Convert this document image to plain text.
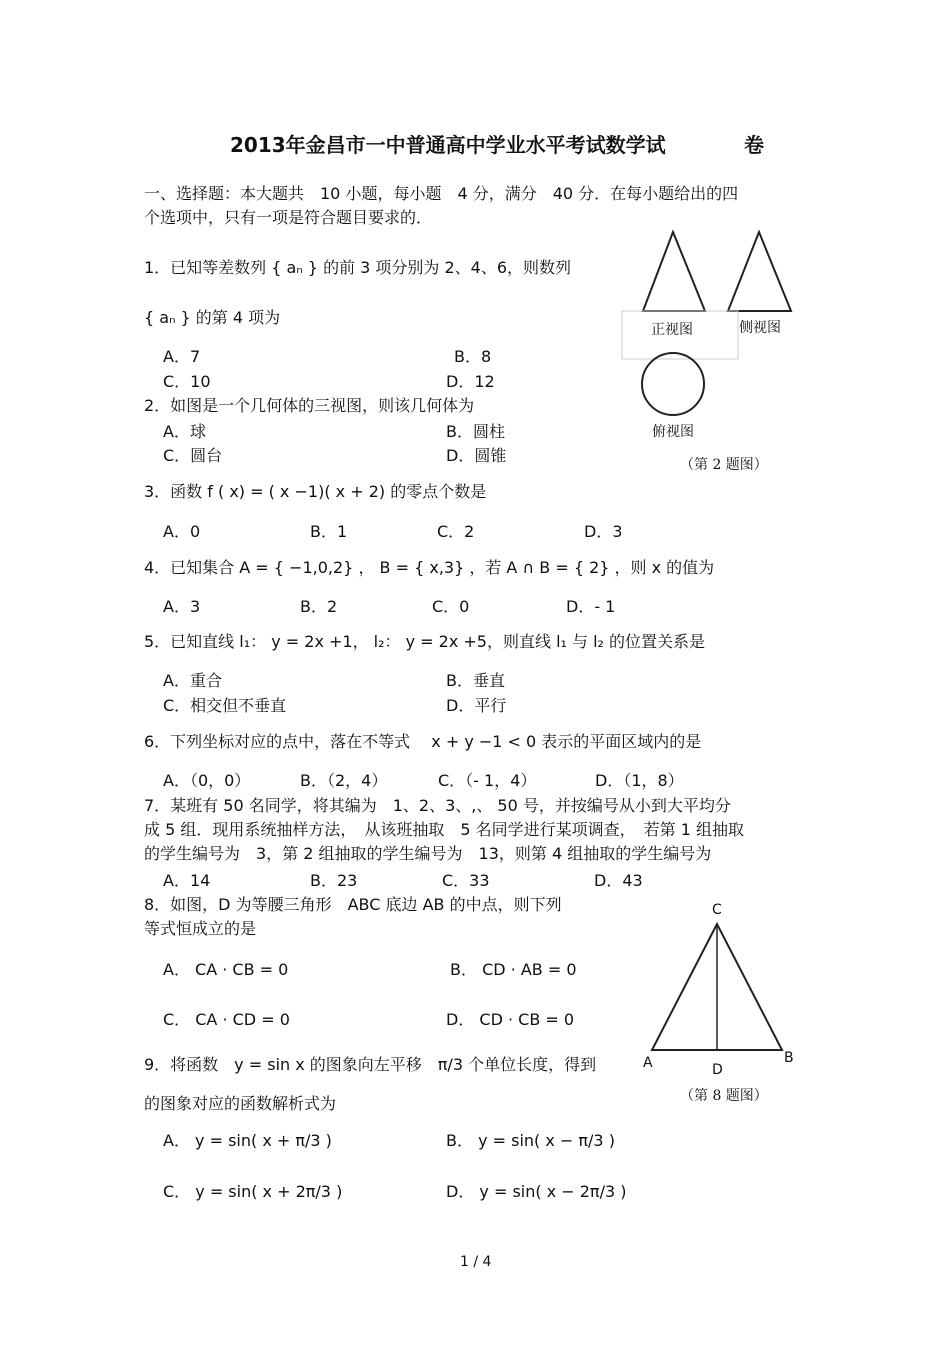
2013年金昌市一中普通高中学业水平考试数学试	卷
一、选择题：本大题共　10 小题，每小题　4 分，满分　40 分．在每小题给出的四
个选项中，只有一项是符合题目要求的．
1．已知等差数列 { aₙ } 的前 3 项分别为 2、4、6，则数列
{ aₙ } 的第 4 项为
A．7	B．8
C．10	D．12
2．如图是一个几何体的三视图，则该几何体为
A．球	B．圆柱
C．圆台	D．圆锥
正视图	侧视图
俯视图
（第 2 题图）
3．函数 f ( x) = ( x −1)( x + 2) 的零点个数是
A．0	B．1	C．2	D．3
4．已知集合 A = { −1,0,2} ， B = { x,3} ，若 A ∩ B = { 2} ，则 x 的值为
A．3	B．2	C．0	D．- 1
5．已知直线 l₁： y = 2x +1， l₂： y = 2x +5，则直线 l₁ 与 l₂ 的位置关系是
A．重合	B．垂直
C．相交但不垂直	D．平行
6．下列坐标对应的点中，落在不等式　 x + y −1 < 0 表示的平面区域内的是
A．（0，0）	B．（2，4）	C．（- 1，4）	D．（1，8）
7．某班有 50 名同学，将其编为　1、2、3、,、 50 号，并按编号从小到大平均分
成 5 组．现用系统抽样方法，　从该班抽取　5 名同学进行某项调查，　若第 1 组抽取
的学生编号为　3，第 2 组抽取的学生编号为　13，则第 4 组抽取的学生编号为
A．14	B．23	C．33	D．43
8．如图，D 为等腰三角形　ABC 底边 AB 的中点，则下列
等式恒成立的是
A． CA · CB = 0	B． CD · AB = 0
C． CA · CD = 0	D． CD · CB = 0
C
A	B
D
（第 8 题图）
9．将函数　y = sin x 的图象向左平移　π/3 个单位长度，得到
的图象对应的函数解析式为
A． y = sin( x + π/3 )	B． y = sin( x − π/3 )
C． y = sin( x + 2π/3 )	D． y = sin( x − 2π/3 )
1 / 4
